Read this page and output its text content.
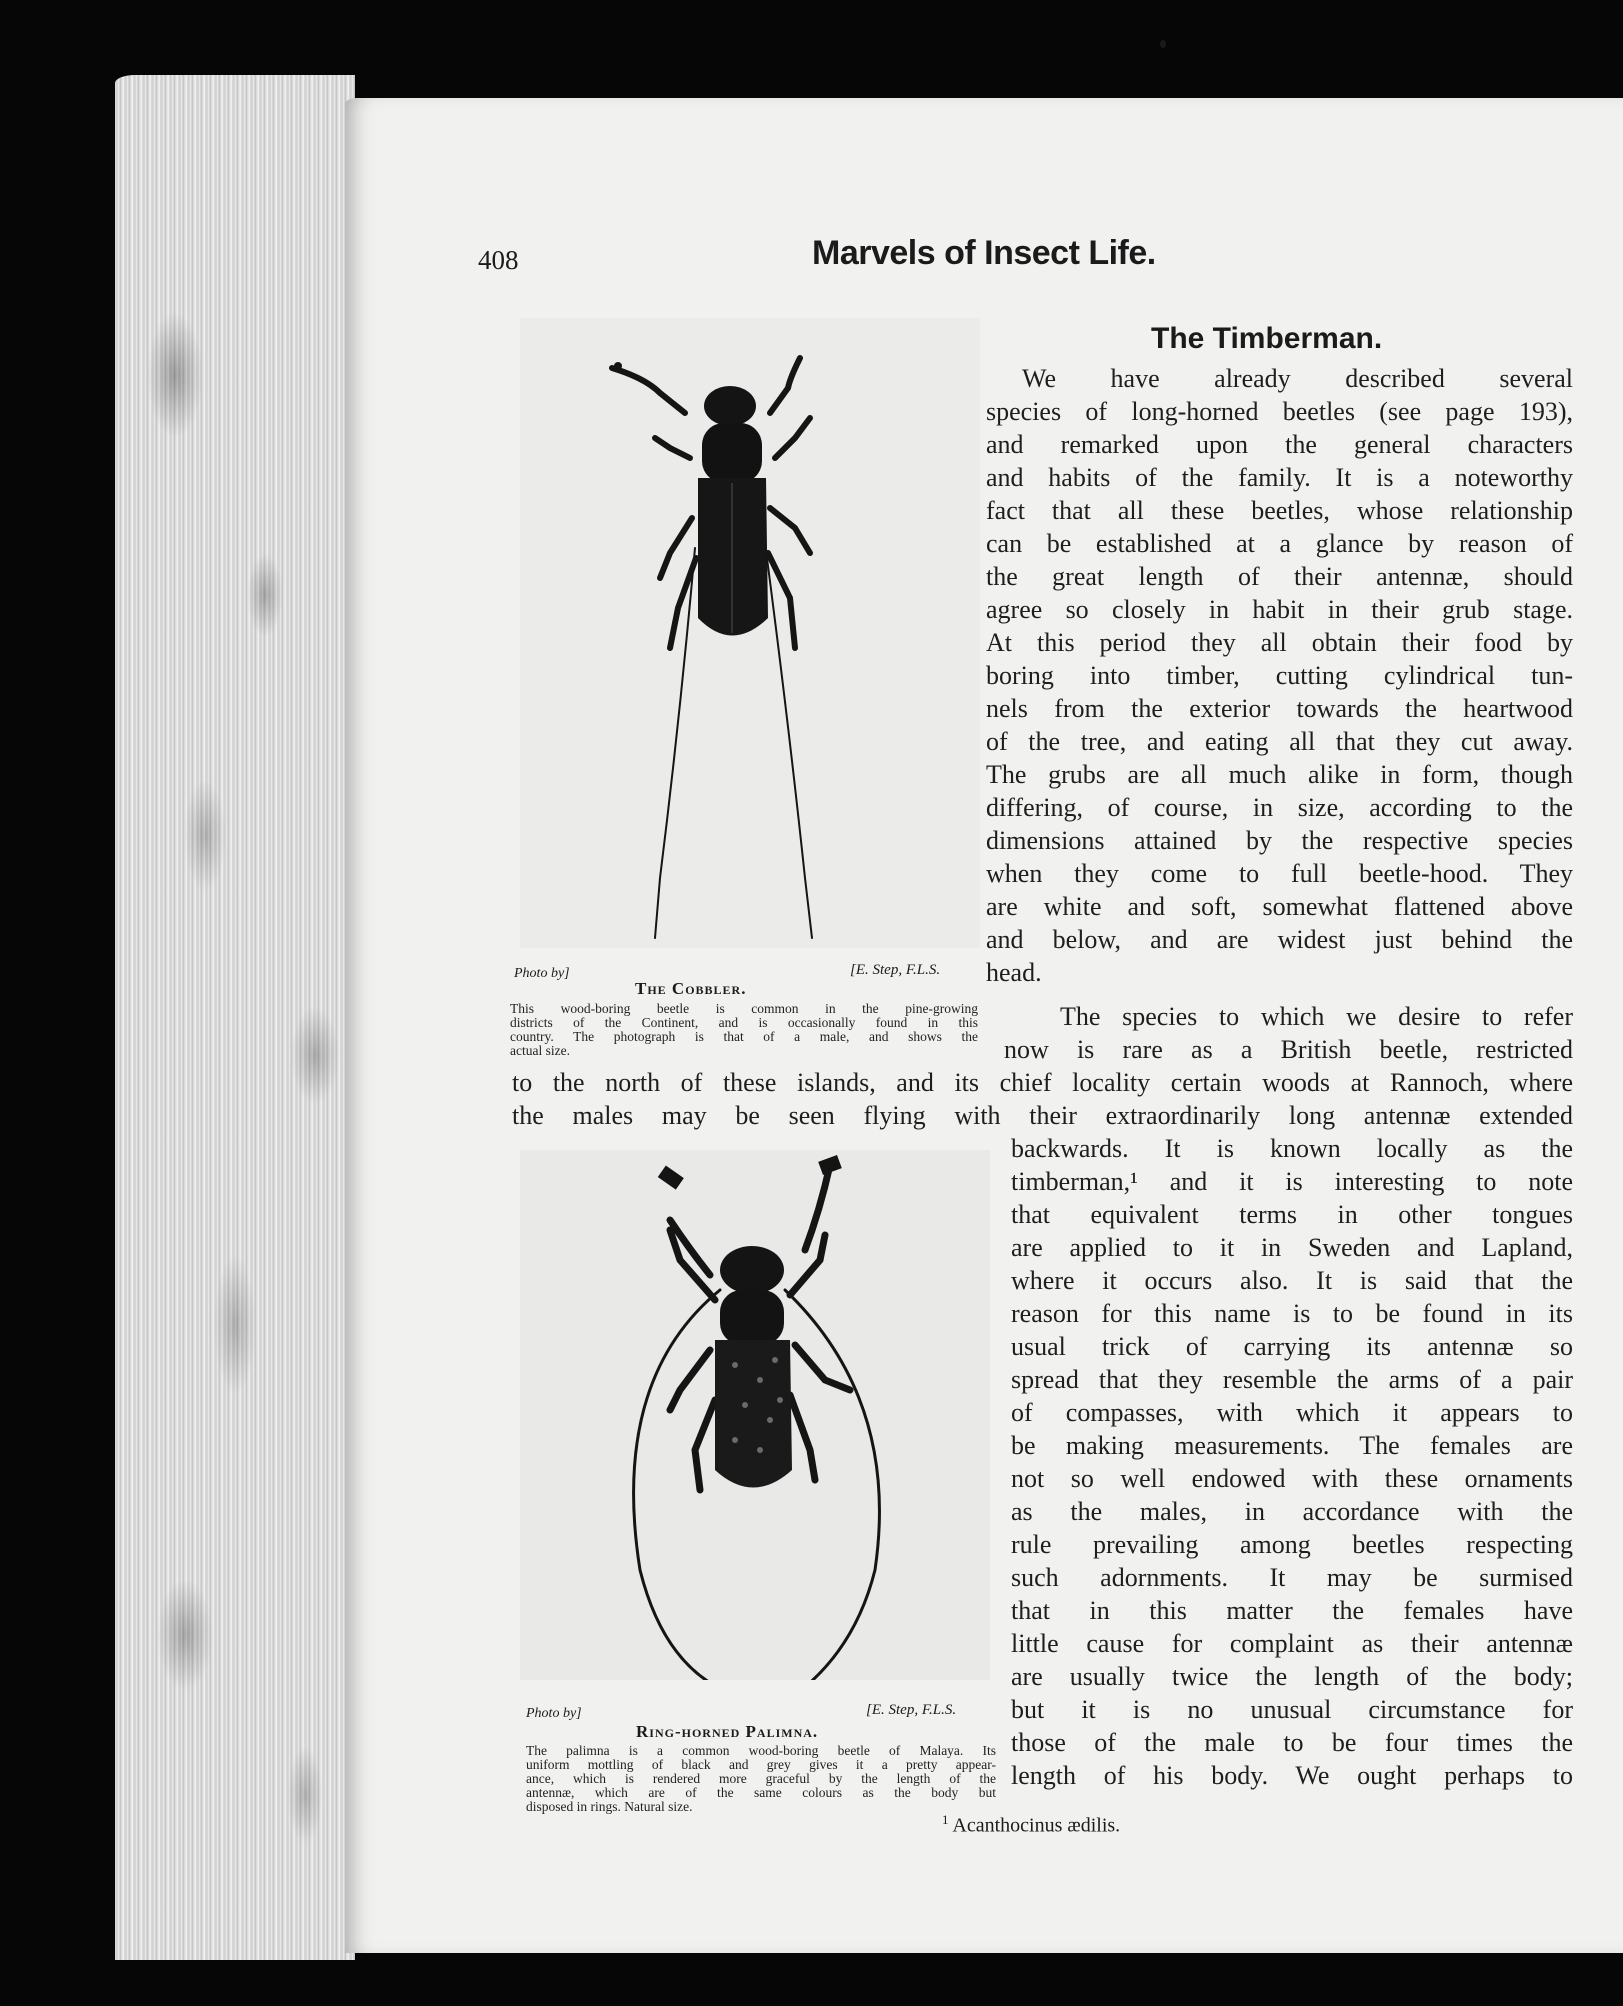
408	Marvels of Insect Life.
The Timberman.
We have already described several
species of long-horned beetles (see page 193),
and remarked upon the general characters
and habits of the family. It is a noteworthy
fact that all these beetles, whose relationship
can be established at a glance by reason of
the great length of their antennæ, should
agree so closely in habit in their grub stage.
At this period they all obtain their food by
boring into timber, cutting cylindrical tun-
nels from the exterior towards the heartwood
of the tree, and eating all that they cut away.
The grubs are all much alike in form, though
differing, of course, in size, according to the
dimensions attained by the respective species
when they come to full beetle-hood. They
are white and soft, somewhat flattened above
and below, and are widest just behind the
head.
The species to which we desire to refer
now is rare as a British beetle, restricted
to the north of these islands, and its chief locality certain woods at Rannoch, where
the males may be seen flying with their extraordinarily long antennæ extended
backwards. It is known locally as the
timberman,¹ and it is interesting to note
that equivalent terms in other tongues
are applied to it in Sweden and Lapland,
where it occurs also. It is said that the
reason for this name is to be found in its
usual trick of carrying its antennæ so
spread that they resemble the arms of a pair
of compasses, with which it appears to
be making measurements. The females are
not so well endowed with these ornaments
as the males, in accordance with the
rule prevailing among beetles respecting
such adornments. It may be surmised
that in this matter the females have
little cause for complaint as their antennæ
are usually twice the length of the body;
but it is no unusual circumstance for
those of the male to be four times the
length of his body. We ought perhaps to
Photo by]	[E. Step, F.L.S.
The Cobbler.
This wood-boring beetle is common in the pine-growing
districts of the Continent, and is occasionally found in this
country. The photograph is that of a male, and shows the
actual size.
Photo by]	[E. Step, F.L.S.
Ring-horned Palimna.
The palimna is a common wood-boring beetle of Malaya. Its
uniform mottling of black and grey gives it a pretty appear-
ance, which is rendered more graceful by the length of the
antennæ, which are of the same colours as the body but
disposed in rings. Natural size.
$^1$ Acanthocinus ædilis.
